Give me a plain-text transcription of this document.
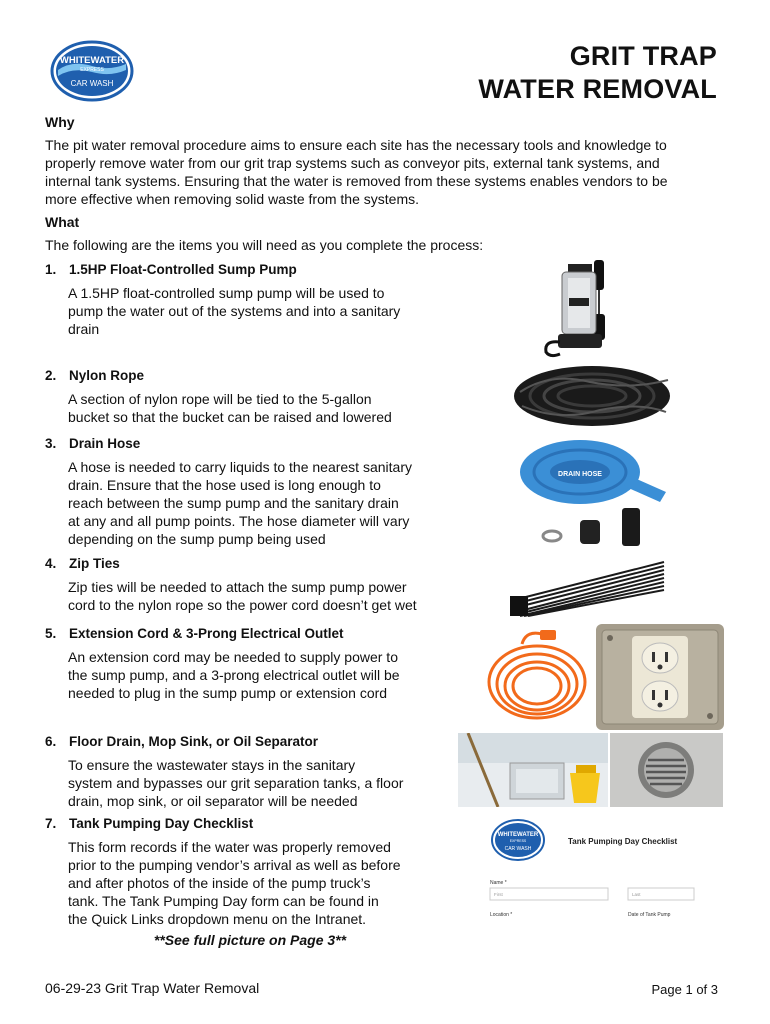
WHITEWATER
EXPRESS
CAR WASH
GRIT TRAP
WATER REMOVAL
Why
The pit water removal procedure aims to ensure each site has the necessary tools and knowledge to
properly remove water from our grit trap systems such as conveyor pits, external tank systems, and
internal tank systems. Ensuring that the water is removed from these systems enables vendors to be
more effective when removing solid waste from the systems.
What
The following are the items you will need as you complete the process:
1. 1.5HP Float-Controlled Sump Pump
A 1.5HP float-controlled sump pump will be used to
pump the water out of the systems and into a sanitary
drain
2. Nylon Rope
A section of nylon rope will be tied to the 5-gallon
bucket so that the bucket can be raised and lowered
3. Drain Hose
A hose is needed to carry liquids to the nearest sanitary
drain. Ensure that the hose used is long enough to
reach between the sump pump and the sanitary drain
at any and all pump points. The hose diameter will vary
depending on the sump pump being used
DRAIN HOSE
4. Zip Ties
Zip ties will be needed to attach the sump pump power
cord to the nylon rope so the power cord doesn’t get wet
5. Extension Cord & 3-Prong Electrical Outlet
An extension cord may be needed to supply power to
the sump pump, and a 3-prong electrical outlet will be
needed to plug in the sump pump or extension cord
6. Floor Drain, Mop Sink, or Oil Separator
To ensure the wastewater stays in the sanitary
system and bypasses our grit separation tanks, a floor
drain, mop sink, or oil separator will be needed
7. Tank Pumping Day Checklist
This form records if the water was properly removed
prior to the pumping vendor’s arrival as well as before
and after photos of the inside of the pump truck’s
tank. The Tank Pumping Day form can be found in
the Quick Links dropdown menu on the Intranet.
WHITEWATER
EXPRESS
CAR WASH
Tank Pumping Day Checklist
Name *
First	Last
Location *	Date of Tank Pump
**See full picture on Page 3**
06-29-23 Grit Trap Water Removal	Page 1 of 3
